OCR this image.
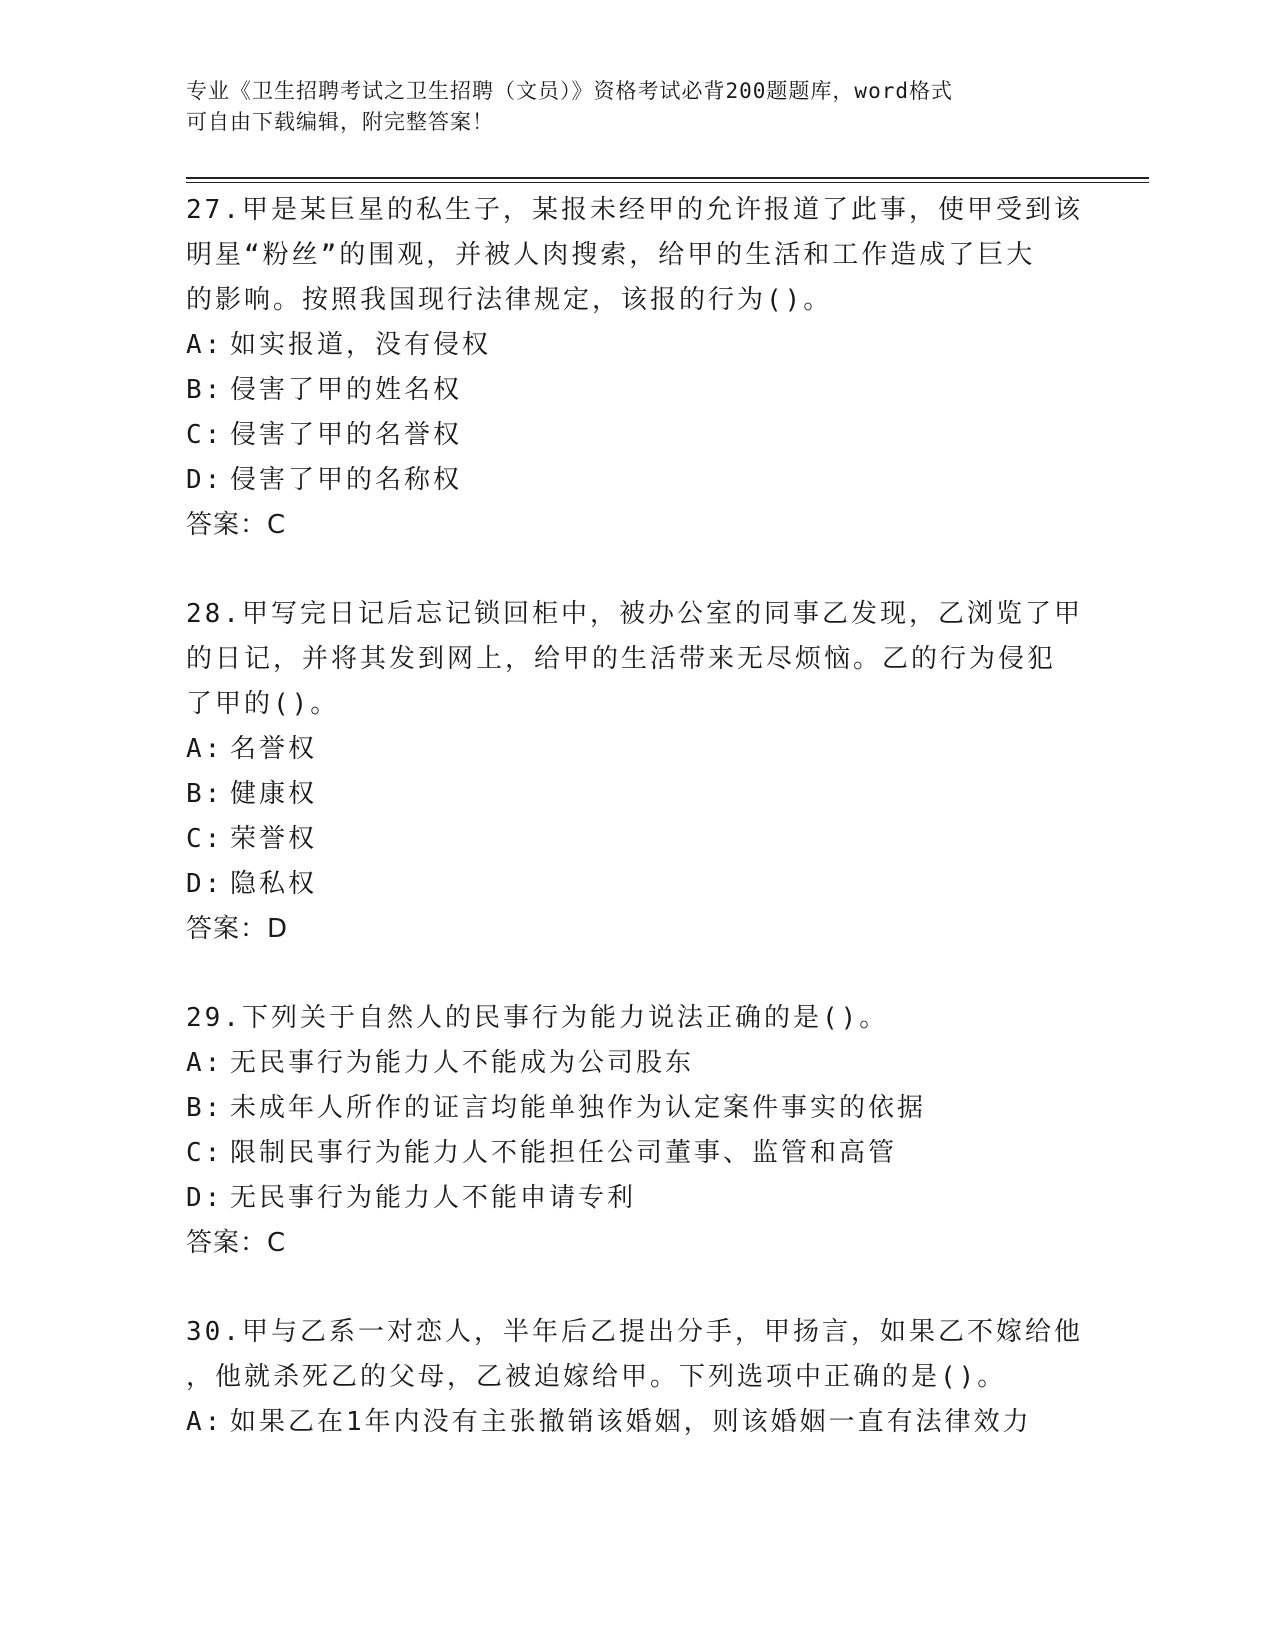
专业《卫生招聘考试之卫生招聘（文员）》资格考试必背200题题库，word格式
可自由下载编辑，附完整答案！
27.甲是某巨星的私生子，某报未经甲的允许报道了此事，使甲受到该
明星“粉丝”的围观，并被人肉搜索，给甲的生活和工作造成了巨大
的影响。按照我国现行法律规定，该报的行为()。
A: 如实报道，没有侵权
B: 侵害了甲的姓名权
C: 侵害了甲的名誉权
D: 侵害了甲的名称权
答案：C
28.甲写完日记后忘记锁回柜中，被办公室的同事乙发现，乙浏览了甲
的日记，并将其发到网上，给甲的生活带来无尽烦恼。乙的行为侵犯
了甲的()。
A: 名誉权
B: 健康权
C: 荣誉权
D: 隐私权
答案：D
29.下列关于自然人的民事行为能力说法正确的是()。
A: 无民事行为能力人不能成为公司股东
B: 未成年人所作的证言均能单独作为认定案件事实的依据
C: 限制民事行为能力人不能担任公司董事、监管和高管
D: 无民事行为能力人不能申请专利
答案：C
30.甲与乙系一对恋人，半年后乙提出分手，甲扬言，如果乙不嫁给他
，他就杀死乙的父母，乙被迫嫁给甲。下列选项中正确的是()。
A: 如果乙在1年内没有主张撤销该婚姻，则该婚姻一直有法律效力
